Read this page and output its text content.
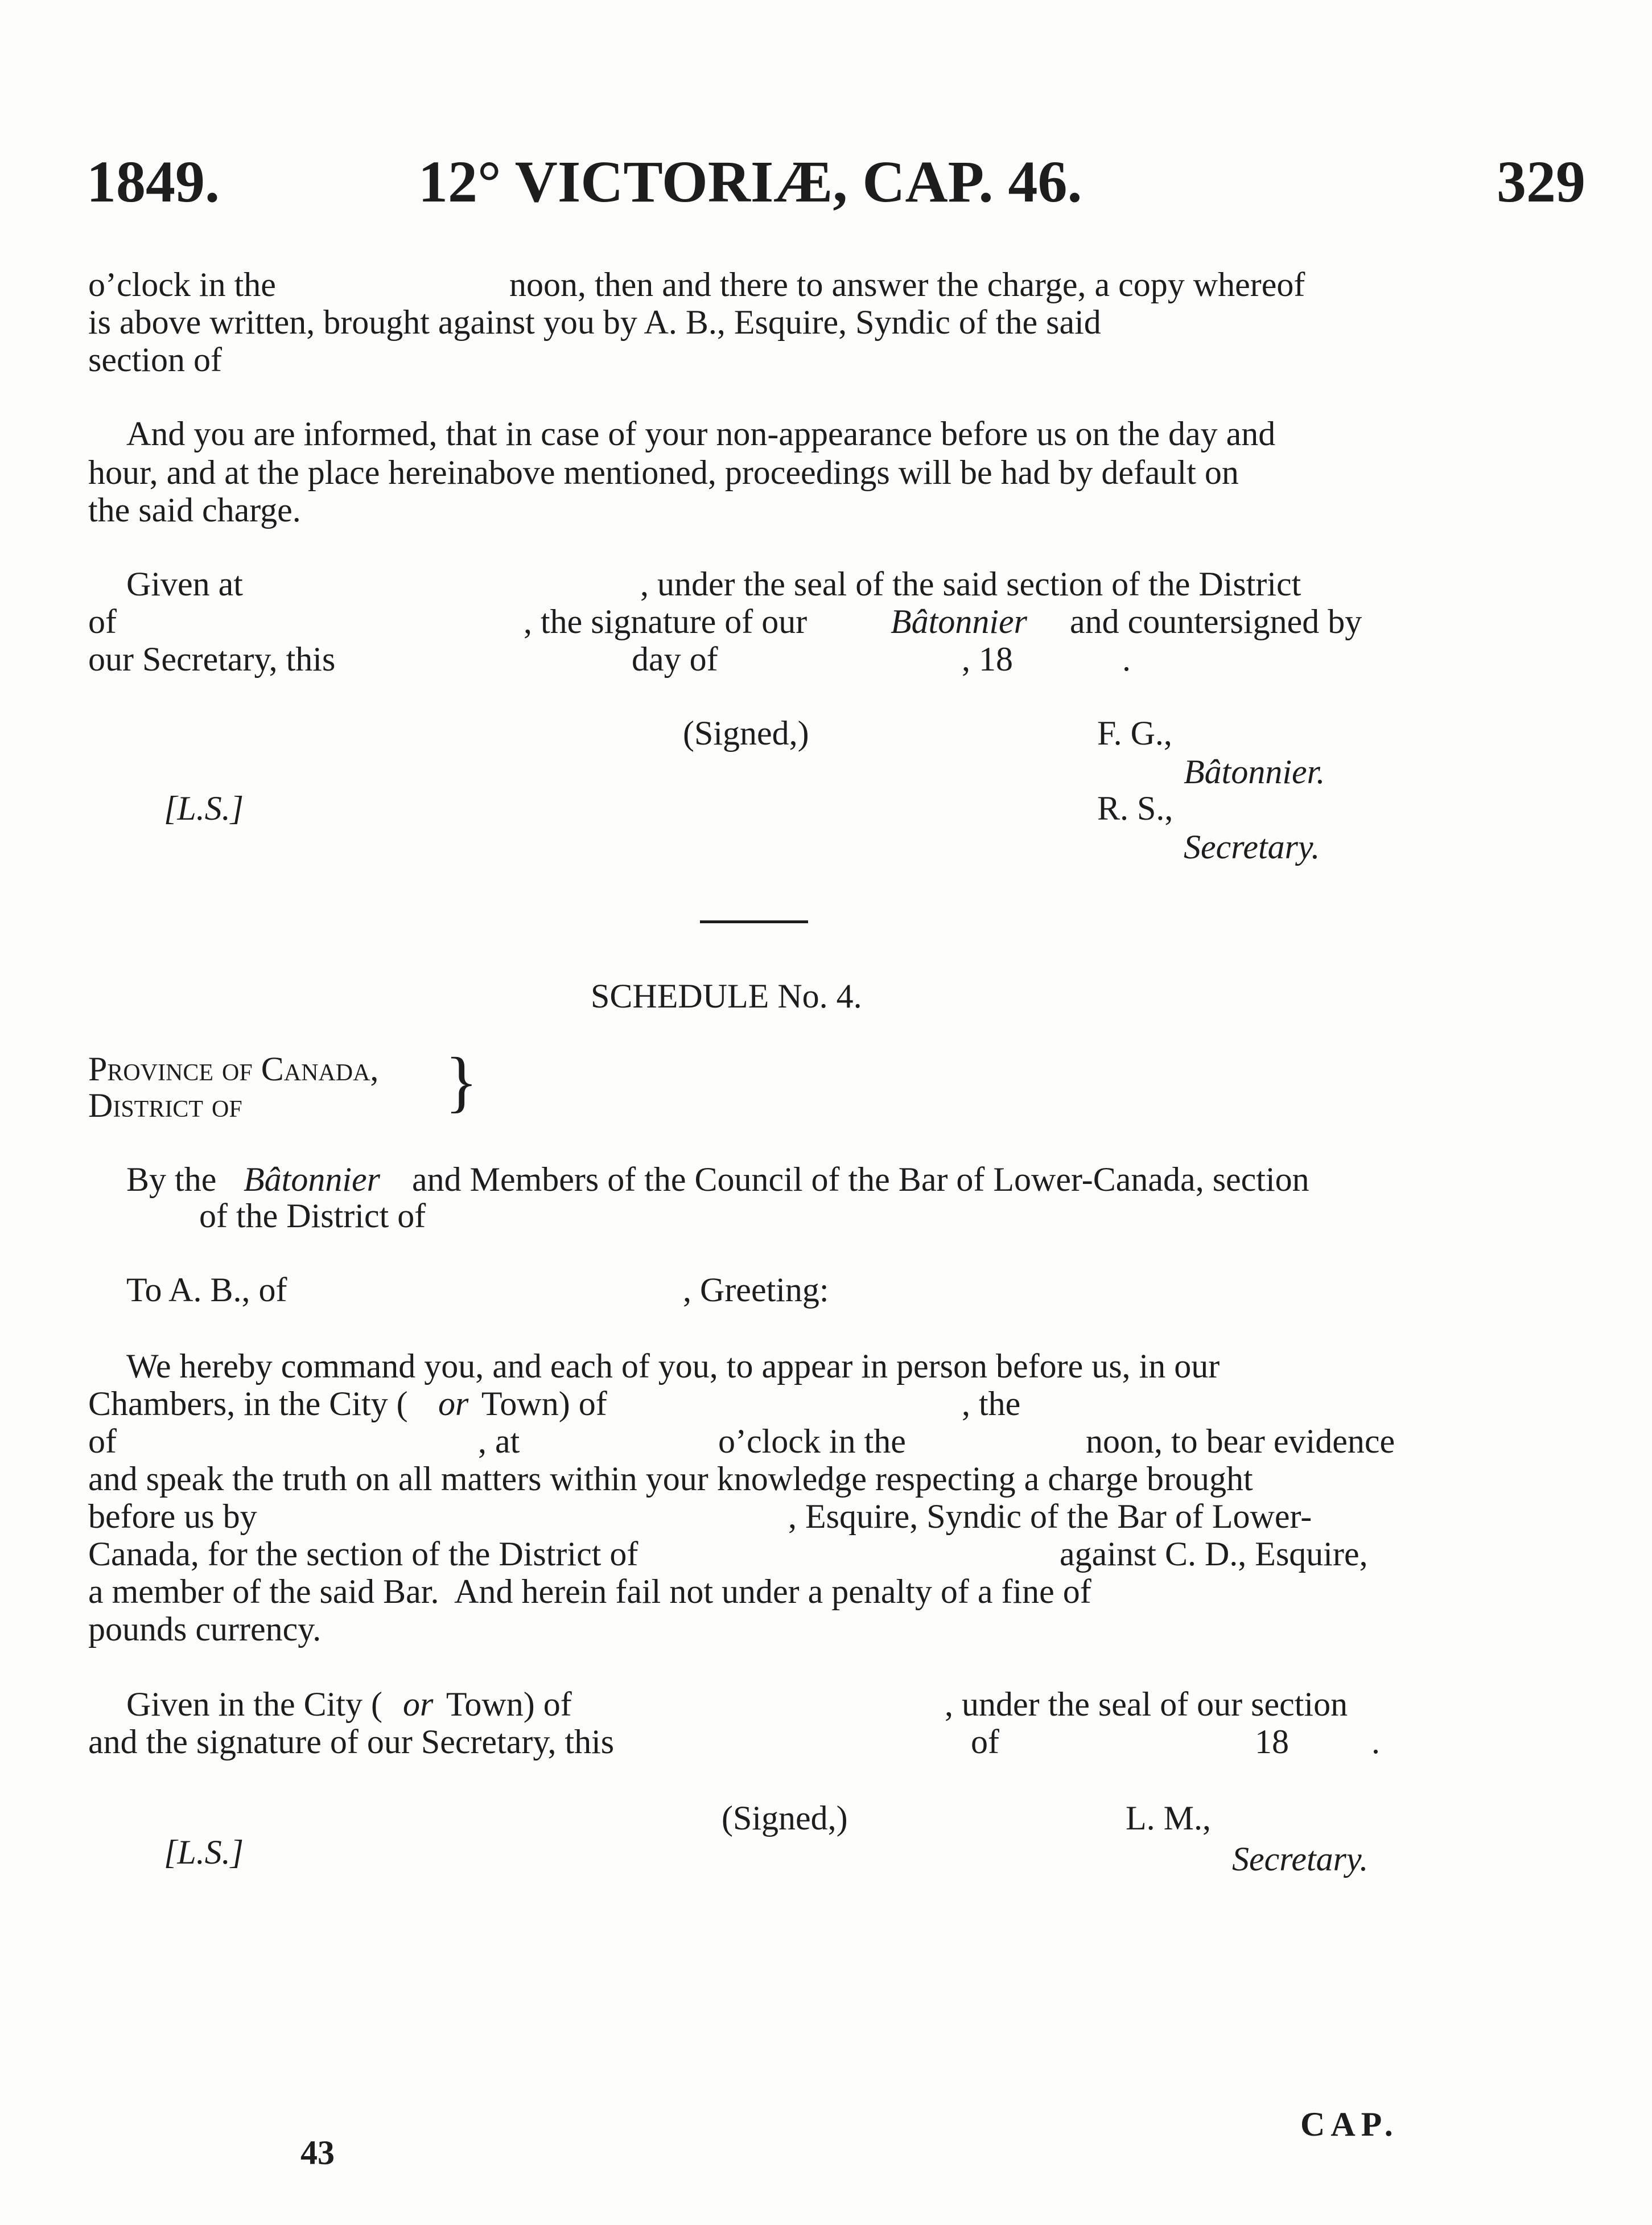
1849.	12° VICTORIÆ, CAP. 46.	329
o’clock in the	noon, then and there to answer the charge, a copy whereof
is above written, brought against you by A. B., Esquire, Syndic of the said
section of
And you are informed, that in case of your non-appearance before us on the day and
hour, and at the place hereinabove mentioned, proceedings will be had by default on
the said charge.
Given at	, under the seal of the said section of the District
of	, the signature of our Bâtonnier and countersigned by
our Secretary, this	day of	, 18	.
(Signed,)	F. G.,
Bâtonnier.
[L.S.]	R. S.,
Secretary.
SCHEDULE No. 4.
Province of Canada,
District of	}
By the Bâtonnier and Members of the Council of the Bar of Lower-Canada, section
of the District of
To A. B., of	, Greeting:
We hereby command you, and each of you, to appear in person before us, in our
Chambers, in the City ( or Town) of	, the
of	, at	o’clock in the	noon, to bear evidence
and speak the truth on all matters within your knowledge respecting a charge brought
before us by	, Esquire, Syndic of the Bar of Lower-
Canada, for the section of the District of	against C. D., Esquire,
a member of the said Bar.  And herein fail not under a penalty of a fine of
pounds currency.
Given in the City ( or Town) of	, under the seal of our section
and the signature of our Secretary, this	of	18 .
(Signed,)	L. M.,
[L.S.]	Secretary.
43
CAP.
